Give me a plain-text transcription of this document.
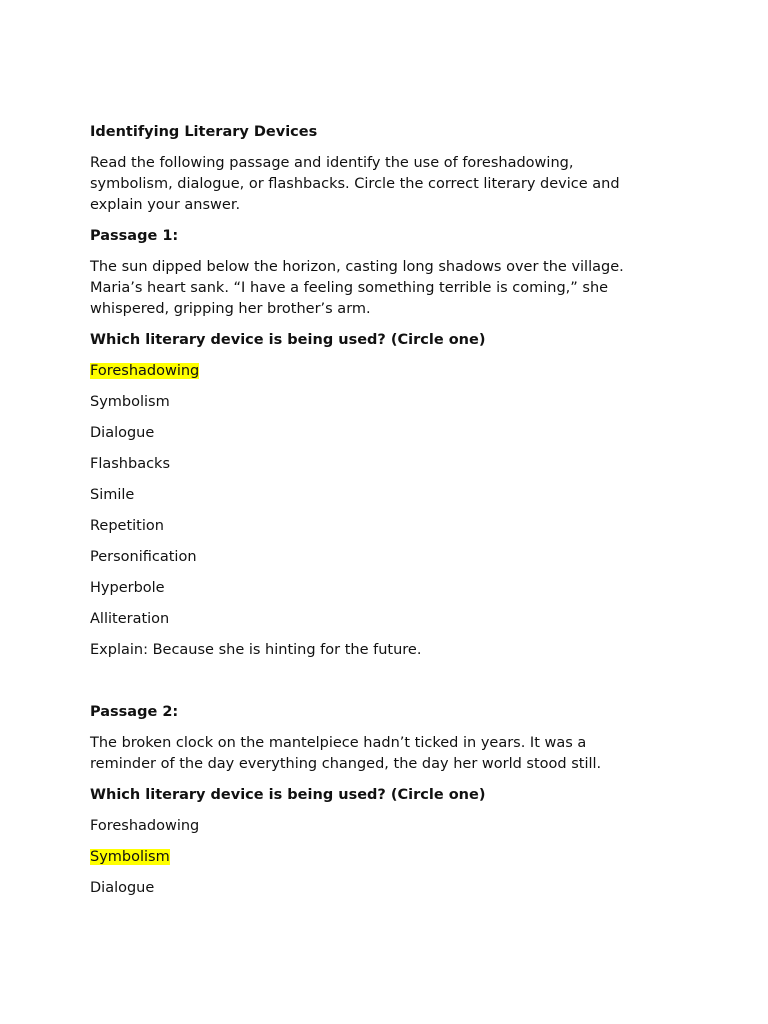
Identifying Literary Devices

Read the following passage and identify the use of foreshadowing,
symbolism, dialogue, or flashbacks. Circle the correct literary device and
explain your answer.

Passage 1:

The sun dipped below the horizon, casting long shadows over the village.
Maria’s heart sank. “I have a feeling something terrible is coming,” she
whispered, gripping her brother’s arm.

Which literary device is being used? (Circle one)

Foreshadowing

Symbolism

Dialogue

Flashbacks

Simile

Repetition

Personification

Hyperbole

Alliteration

Explain: Because she is hinting for the future.

Passage 2:

The broken clock on the mantelpiece hadn’t ticked in years. It was a
reminder of the day everything changed, the day her world stood still.

Which literary device is being used? (Circle one)

Foreshadowing

Symbolism

Dialogue
